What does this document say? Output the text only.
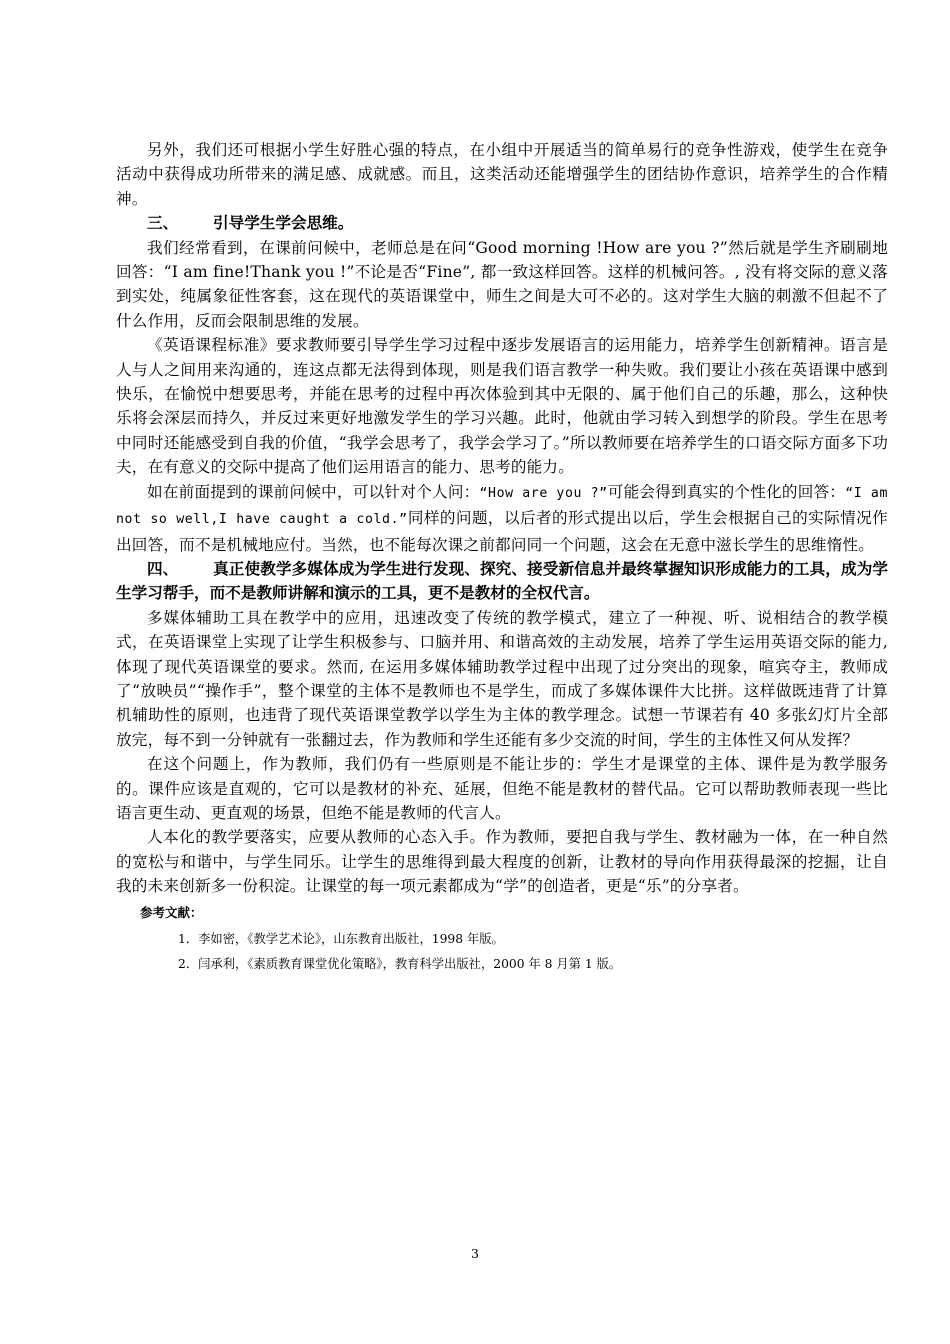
另外，我们还可根据小学生好胜心强的特点，在小组中开展适当的简单易行的竞争性游戏，使学生在竞争活动中获得成功所带来的满足感、成就感。而且，这类活动还能增强学生的团结协作意识，培养学生的合作精神。

三、 引导学生学会思维。

我们经常看到，在课前问候中，老师总是在问“Good morning !How are you ?”然后就是学生齐刷刷地回答：“I am fine!Thank you !”不论是否“Fine”, 都一致这样回答。这样的机械问答。, 没有将交际的意义落到实处，纯属象征性客套，这在现代的英语课堂中，师生之间是大可不必的。这对学生大脑的刺激不但起不了什么作用，反而会限制思维的发展。

《英语课程标准》要求教师要引导学生学习过程中逐步发展语言的运用能力，培养学生创新精神。语言是人与人之间用来沟通的，连这点都无法得到体现，则是我们语言教学一种失败。我们要让小孩在英语课中感到快乐，在愉悦中想要思考，并能在思考的过程中再次体验到其中无限的、属于他们自己的乐趣，那么，这种快乐将会深层而持久，并反过来更好地激发学生的学习兴趣。此时，他就由学习转入到想学的阶段。学生在思考中同时还能感受到自我的价值，“我学会思考了，我学会学习了。”所以教师要在培养学生的口语交际方面多下功夫，在有意义的交际中提高了他们运用语言的能力、思考的能力。

如在前面提到的课前问候中，可以针对个人问：“How are you ?”可能会得到真实的个性化的回答：“I am not so well,I have caught a cold.”同样的问题，以后者的形式提出以后，学生会根据自己的实际情况作出回答，而不是机械地应付。当然，也不能每次课之前都问同一个问题，这会在无意中滋长学生的思维惰性。

四、 真正使教学多媒体成为学生进行发现、探究、接受新信息并最终掌握知识形成能力的工具，成为学生学习帮手，而不是教师讲解和演示的工具，更不是教材的全权代言。

多媒体辅助工具在教学中的应用，迅速改变了传统的教学模式，建立了一种视、听、说相结合的教学模式，在英语课堂上实现了让学生积极参与、口脑并用、和谐高效的主动发展，培养了学生运用英语交际的能力, 体现了现代英语课堂的要求。然而, 在运用多媒体辅助教学过程中出现了过分突出的现象，喧宾夺主，教师成了“放映员”“操作手”，整个课堂的主体不是教师也不是学生，而成了多媒体课件大比拼。这样做既违背了计算机辅助性的原则，也违背了现代英语课堂教学以学生为主体的教学理念。试想一节课若有 40 多张幻灯片全部放完，每不到一分钟就有一张翻过去，作为教师和学生还能有多少交流的时间，学生的主体性又何从发挥？

在这个问题上，作为教师，我们仍有一些原则是不能让步的：学生才是课堂的主体、课件是为教学服务的。课件应该是直观的，它可以是教材的补充、延展，但绝不能是教材的替代品。它可以帮助教师表现一些比语言更生动、更直观的场景，但绝不能是教师的代言人。

人本化的教学要落实，应要从教师的心态入手。作为教师，要把自我与学生、教材融为一体，在一种自然的宽松与和谐中，与学生同乐。让学生的思维得到最大程度的创新，让教材的导向作用获得最深的挖掘，让自我的未来创新多一份积淀。让课堂的每一项元素都成为“学”的创造者，更是“乐”的分享者。

参考文献：

1．李如密，《教学艺术论》，山东教育出版社，1998 年版。
2．闫承利，《素质教育课堂优化策略》，教育科学出版社，2000 年 8 月第 1 版。
3
